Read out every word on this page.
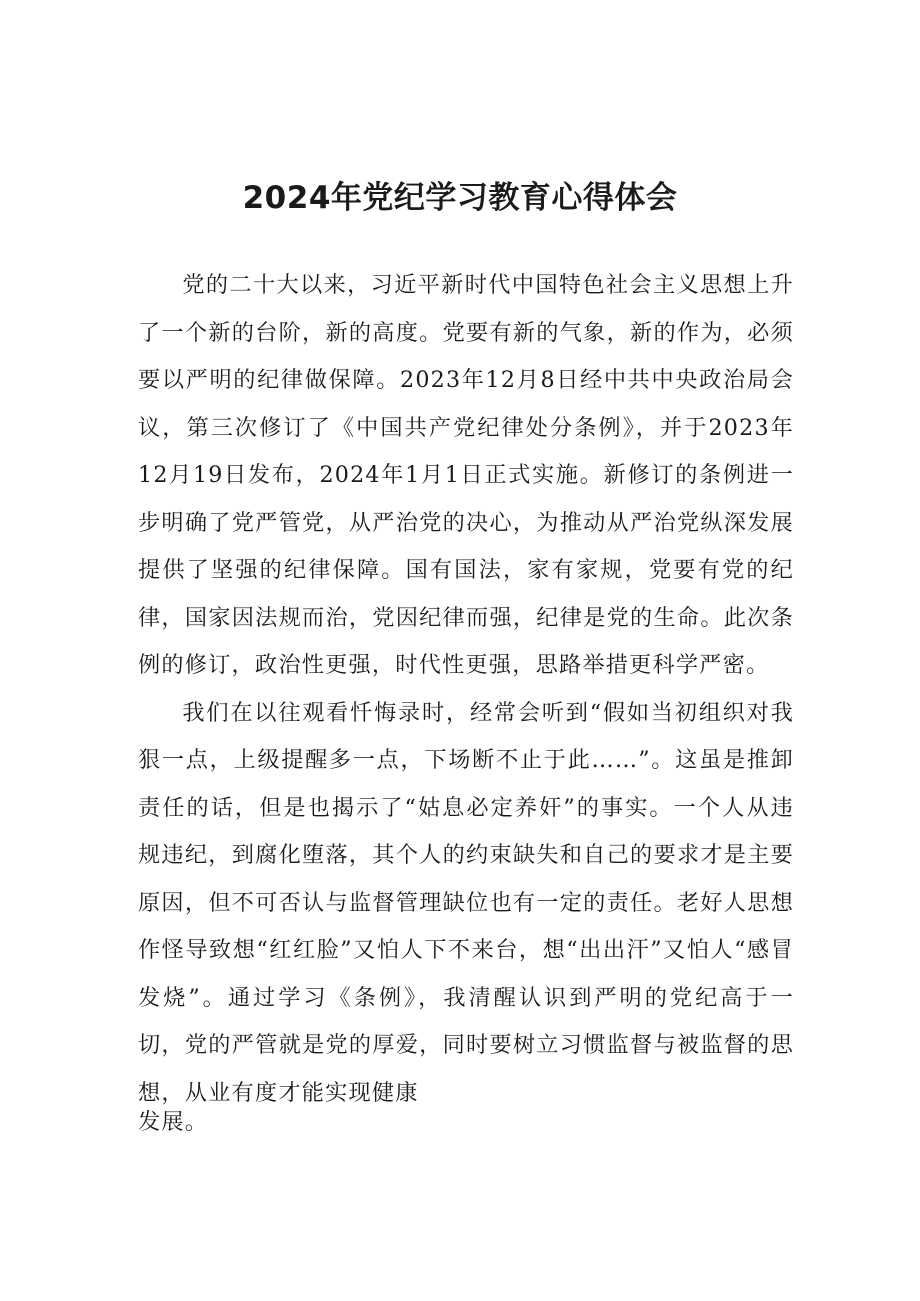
2024年党纪学习教育心得体会

党的二十大以来，习近平新时代中国特色社会主义思想上升了一个新的台阶，新的高度。党要有新的气象，新的作为，必须要以严明的纪律做保障。2023年12月8日经中共中央政治局会议，第三次修订了《中国共产党纪律处分条例》，并于2023年12月19日发布，2024年1月1日正式实施。新修订的条例进一步明确了党严管党，从严治党的决心，为推动从严治党纵深发展提供了坚强的纪律保障。国有国法，家有家规，党要有党的纪律，国家因法规而治，党因纪律而强，纪律是党的生命。此次条例的修订，政治性更强，时代性更强，思路举措更科学严密。

我们在以往观看忏悔录时，经常会听到“假如当初组织对我狠一点，上级提醒多一点，下场断不止于此……”。这虽是推卸责任的话，但是也揭示了“姑息必定养奸”的事实。一个人从违规违纪，到腐化堕落，其个人的约束缺失和自己的要求才是主要原因，但不可否认与监督管理缺位也有一定的责任。老好人思想作怪导致想“红红脸”又怕人下不来台，想“出出汗”又怕人“感冒发烧”。通过学习《条例》，我清醒认识到严明的党纪高于一切，党的严管就是党的厚爱，同时要树立习惯监督与被监督的思想，从业有度才能实现健康

发展。
